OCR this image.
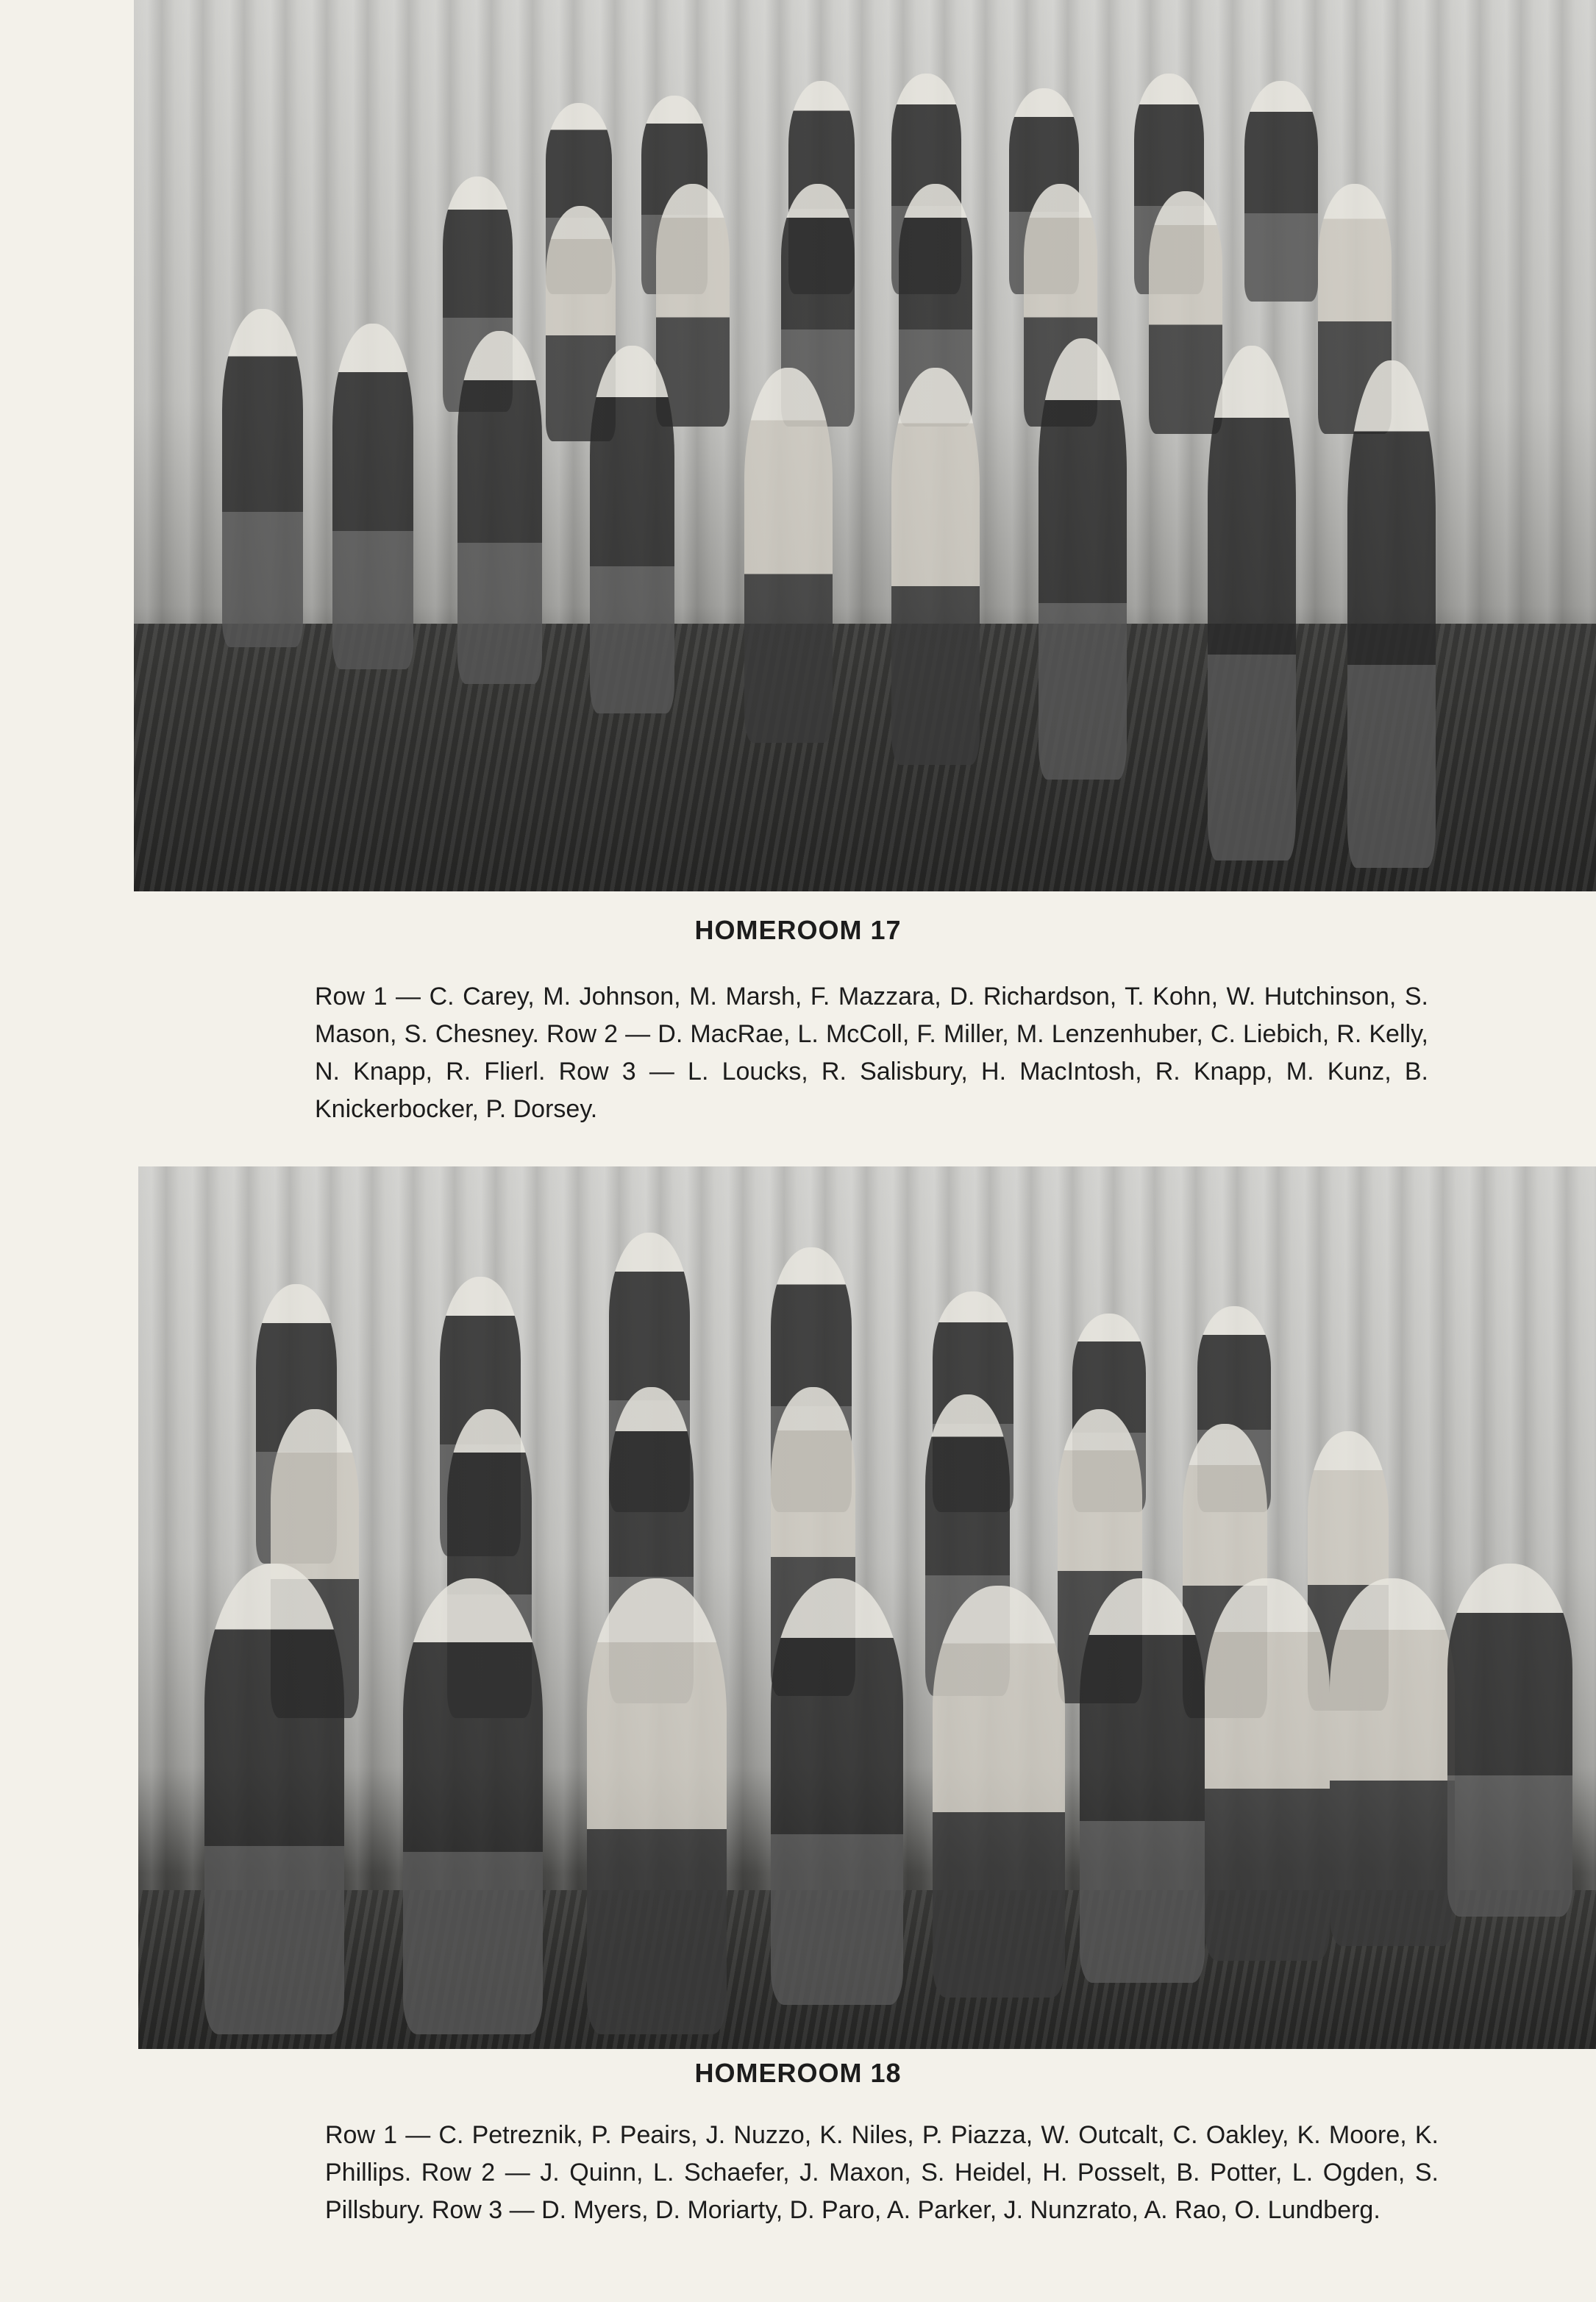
HOMEROOM 17
Row 1 — C. Carey, M. Johnson, M. Marsh, F. Mazzara, D. Richardson, T. Kohn, W. Hutchinson, S. Mason, S. Chesney. Row 2 — D. MacRae, L. McColl, F. Miller, M. Lenzenhuber, C. Liebich, R. Kelly, N. Knapp, R. Flierl. Row 3 — L. Loucks, R. Salisbury, H. MacIntosh, R. Knapp, M. Kunz, B. Knickerbocker, P. Dorsey.
HOMEROOM 18
Row 1 — C. Petreznik, P. Peairs, J. Nuzzo, K. Niles, P. Piazza, W. Outcalt, C. Oakley, K. Moore, K. Phillips. Row 2 — J. Quinn, L. Schaefer, J. Maxon, S. Heidel, H. Posselt, B. Potter, L. Ogden, S. Pillsbury. Row 3 — D. Myers, D. Moriarty, D. Paro, A. Parker, J. Nunzrato, A. Rao, O. Lundberg.
